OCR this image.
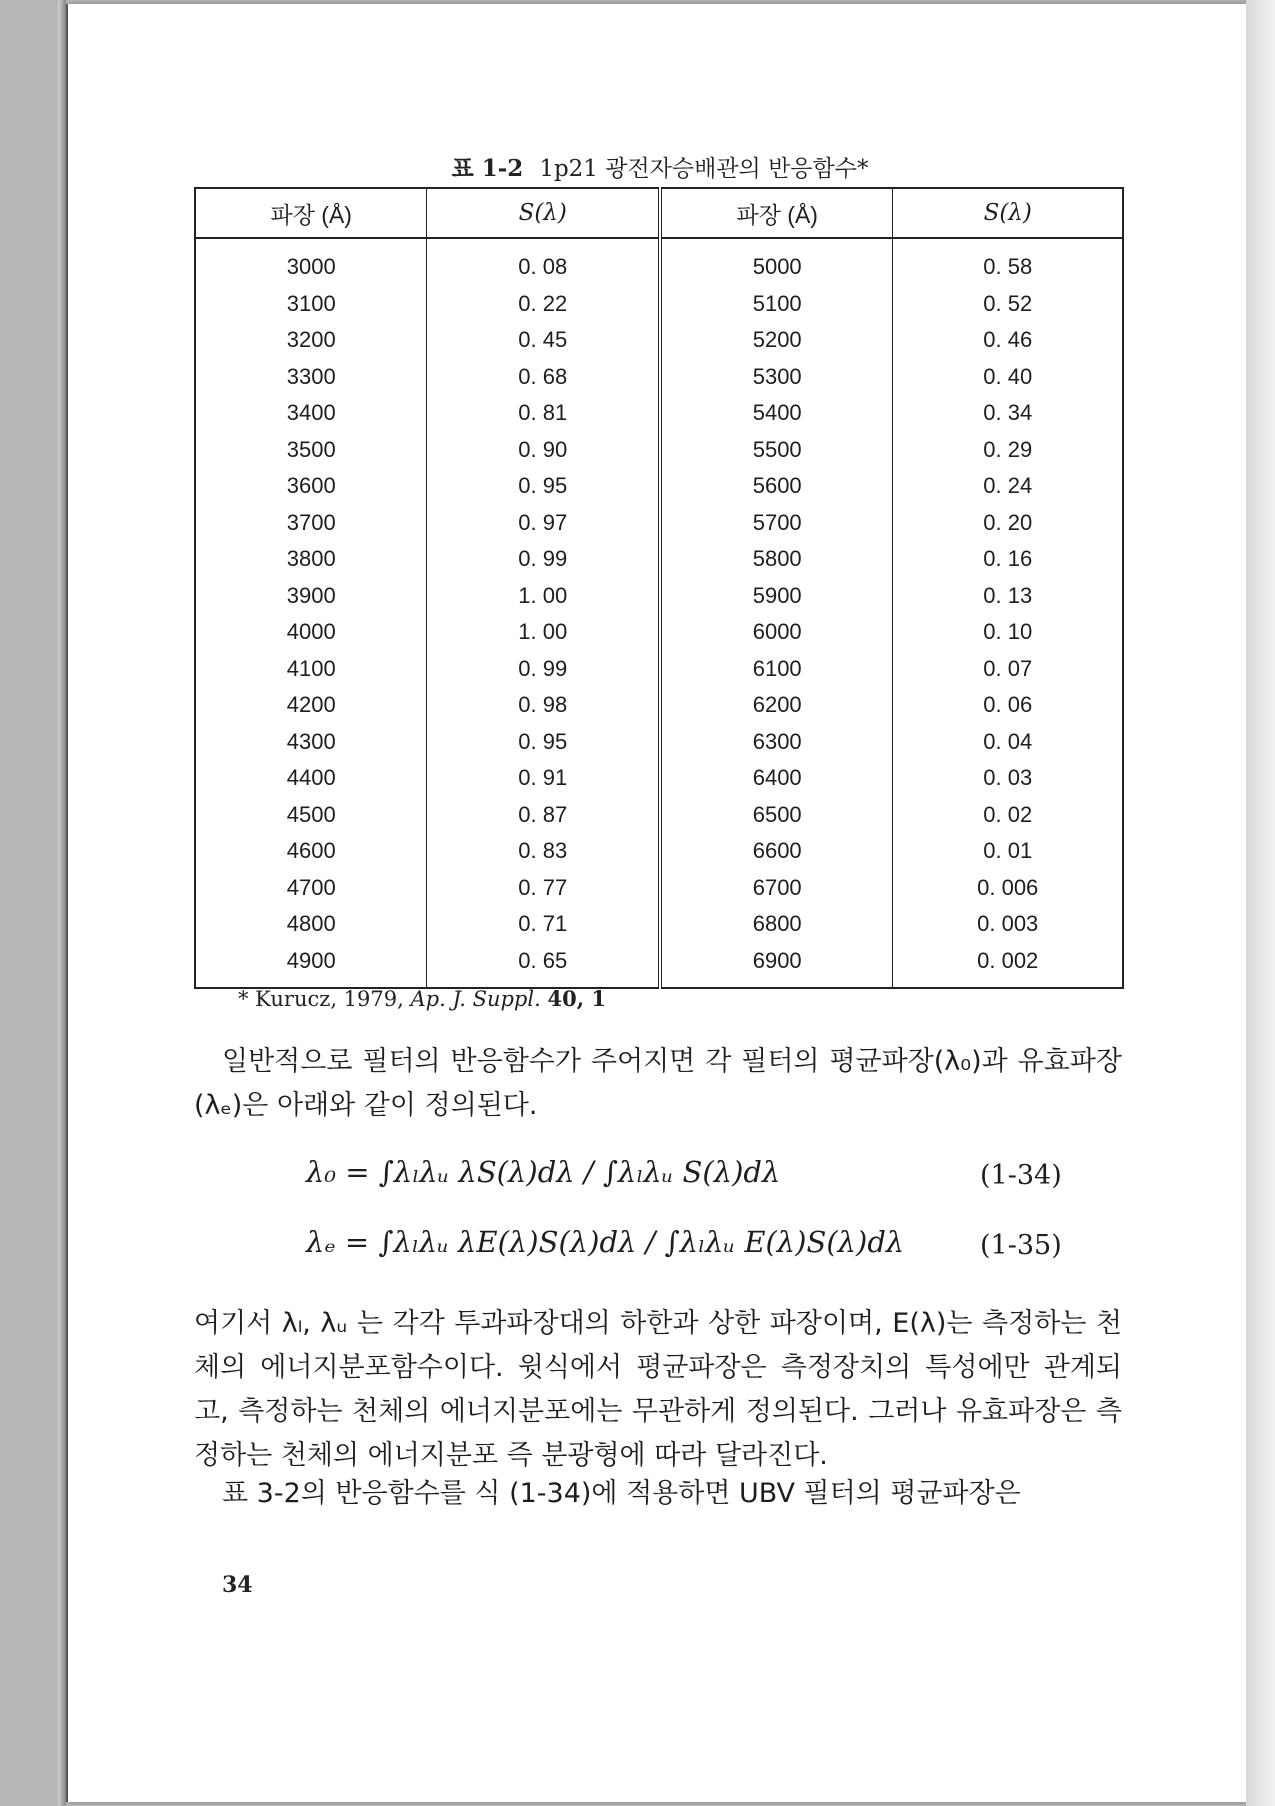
표 1-2 1p21 광전자승배관의 반응함수*
파장 (Å)	S(λ)	파장 (Å)	S(λ)
3000	0. 08	5000	0. 58
3100	0. 22	5100	0. 52
3200	0. 45	5200	0. 46
3300	0. 68	5300	0. 40
3400	0. 81	5400	0. 34
3500	0. 90	5500	0. 29
3600	0. 95	5600	0. 24
3700	0. 97	5700	0. 20
3800	0. 99	5800	0. 16
3900	1. 00	5900	0. 13
4000	1. 00	6000	0. 10
4100	0. 99	6100	0. 07
4200	0. 98	6200	0. 06
4300	0. 95	6300	0. 04
4400	0. 91	6400	0. 03
4500	0. 87	6500	0. 02
4600	0. 83	6600	0. 01
4700	0. 77	6700	0. 006
4800	0. 71	6800	0. 003
4900	0. 65	6900	0. 002
* Kurucz, 1979, Ap. J. Suppl. 40, 1
일반적으로 필터의 반응함수가 주어지면 각 필터의 평균파장(λ₀)과 유효파장(λₑ)은 아래와 같이 정의된다.
λ₀ = ∫λₗλᵤ λS(λ)dλ / ∫λₗλᵤ S(λ)dλ	(1-34)
λₑ = ∫λₗλᵤ λE(λ)S(λ)dλ / ∫λₗλᵤ E(λ)S(λ)dλ	(1-35)
여기서 λₗ, λᵤ 는 각각 투과파장대의 하한과 상한 파장이며, E(λ)는 측정하는 천체의 에너지분포함수이다. 윗식에서 평균파장은 측정장치의 특성에만 관계되고, 측정하는 천체의 에너지분포에는 무관하게 정의된다. 그러나 유효파장은 측정하는 천체의 에너지분포 즉 분광형에 따라 달라진다.
표 3-2의 반응함수를 식 (1-34)에 적용하면 UBV 필터의 평균파장은
34
